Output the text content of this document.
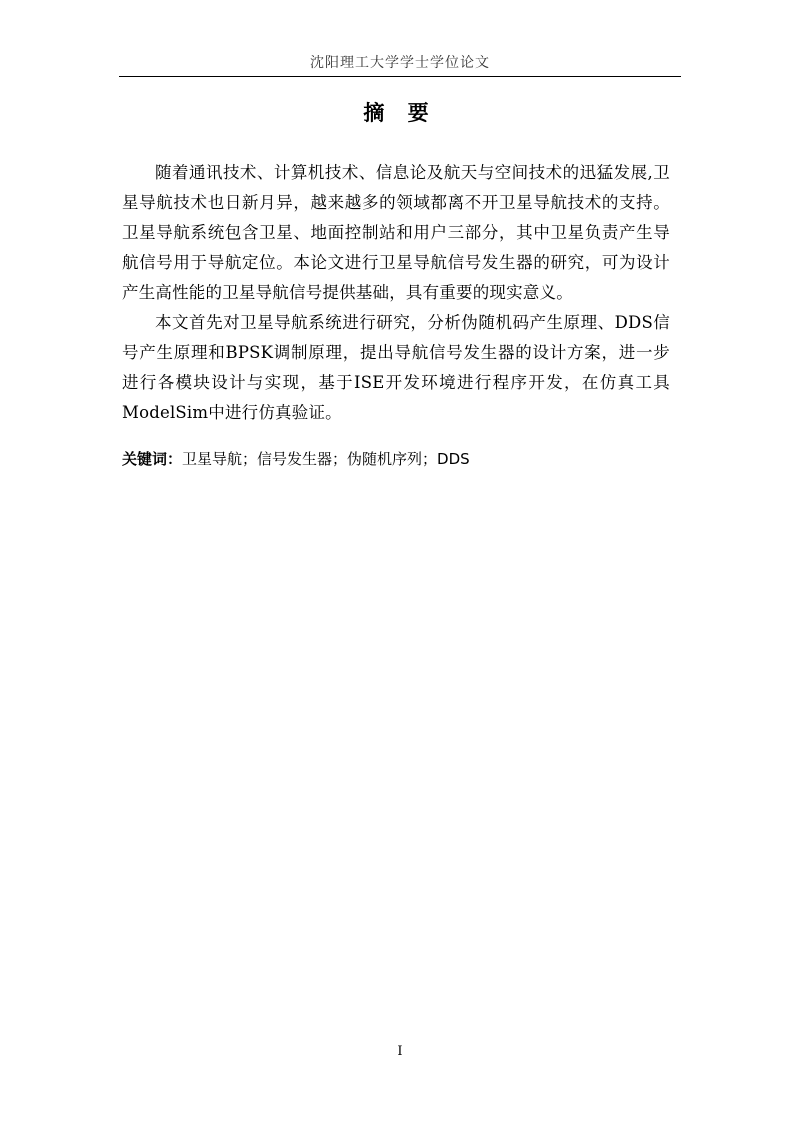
沈阳理工大学学士学位论文
摘 要

随着通讯技术、计算机技术、信息论及航天与空间技术的迅猛发展,卫星导航技术也日新月异，越来越多的领域都离不开卫星导航技术的支持。卫星导航系统包含卫星、地面控制站和用户三部分，其中卫星负责产生导航信号用于导航定位。本论文进行卫星导航信号发生器的研究，可为设计产生高性能的卫星导航信号提供基础，具有重要的现实意义。

本文首先对卫星导航系统进行研究，分析伪随机码产生原理、DDS信号产生原理和BPSK调制原理，提出导航信号发生器的设计方案，进一步进行各模块设计与实现，基于ISE开发环境进行程序开发，在仿真工具ModelSim中进行仿真验证。

关键词：卫星导航；信号发生器；伪随机序列；DDS
I
